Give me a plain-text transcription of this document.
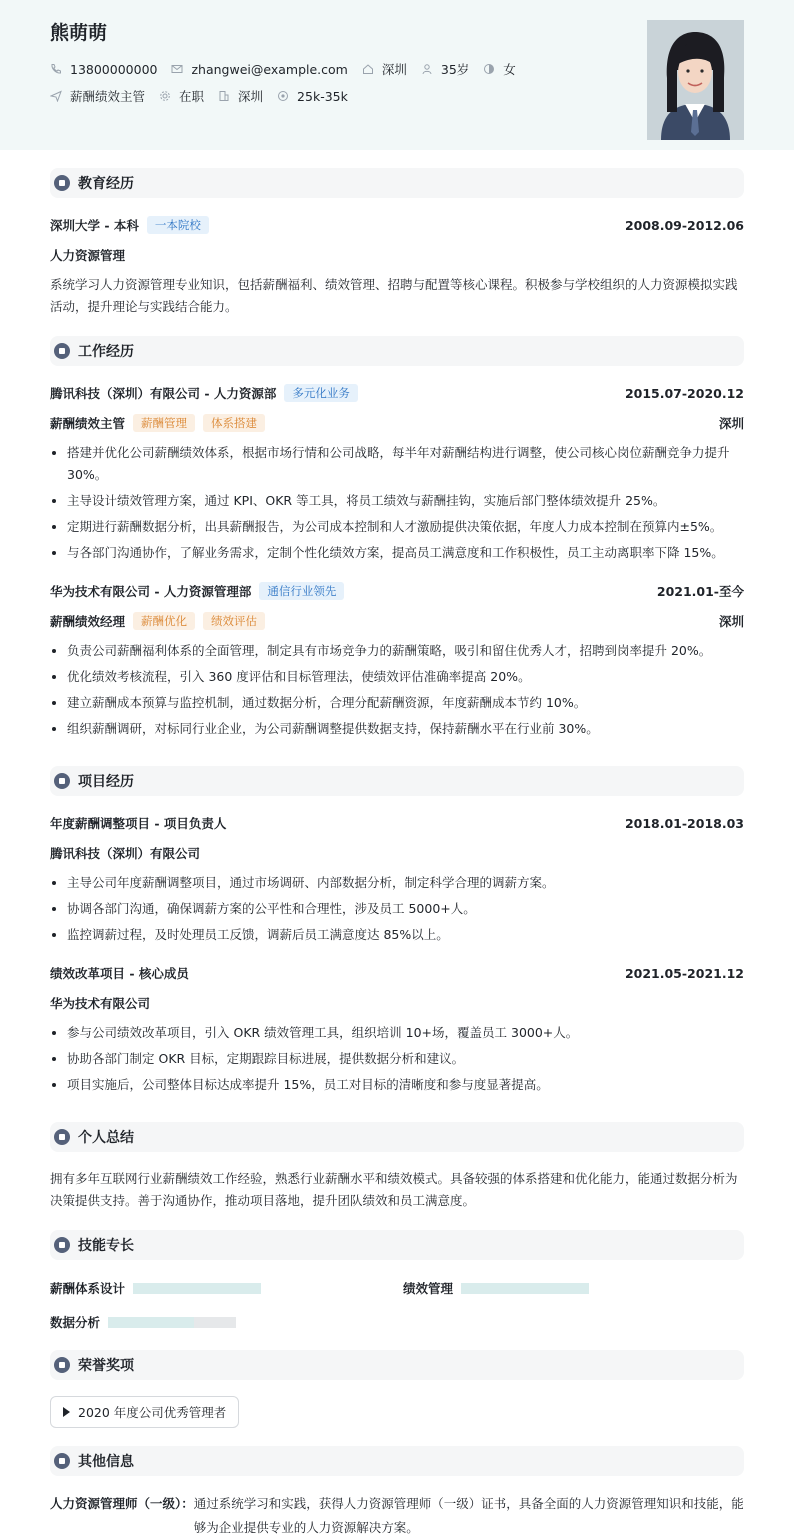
熊萌萌
13800000000	zhangwei@example.com	深圳	35岁	女
薪酬绩效主管	在职	深圳	25k-35k
教育经历
深圳大学 - 本科	一本院校	2008.09-2012.06
人力资源管理
系统学习人力资源管理专业知识，包括薪酬福利、绩效管理、招聘与配置等核心课程。积极参与学校组织的人力资源模拟实践活动，提升理论与实践结合能力。
工作经历
腾讯科技（深圳）有限公司 - 人力资源部	多元化业务	2015.07-2020.12
薪酬绩效主管	薪酬管理	体系搭建	深圳
搭建并优化公司薪酬绩效体系，根据市场行情和公司战略，每半年对薪酬结构进行调整，使公司核心岗位薪酬竞争力提升30%。
主导设计绩效管理方案，通过 KPI、OKR 等工具，将员工绩效与薪酬挂钩，实施后部门整体绩效提升 25%。
定期进行薪酬数据分析，出具薪酬报告，为公司成本控制和人才激励提供决策依据，年度人力成本控制在预算内±5%。
与各部门沟通协作，了解业务需求，定制个性化绩效方案，提高员工满意度和工作积极性，员工主动离职率下降 15%。
华为技术有限公司 - 人力资源管理部	通信行业领先	2021.01-至今
薪酬绩效经理	薪酬优化	绩效评估	深圳
负责公司薪酬福利体系的全面管理，制定具有市场竞争力的薪酬策略，吸引和留住优秀人才，招聘到岗率提升 20%。
优化绩效考核流程，引入 360 度评估和目标管理法，使绩效评估准确率提高 20%。
建立薪酬成本预算与监控机制，通过数据分析，合理分配薪酬资源，年度薪酬成本节约 10%。
组织薪酬调研，对标同行业企业，为公司薪酬调整提供数据支持，保持薪酬水平在行业前 30%。
项目经历
年度薪酬调整项目 - 项目负责人	2018.01-2018.03
腾讯科技（深圳）有限公司
主导公司年度薪酬调整项目，通过市场调研、内部数据分析，制定科学合理的调薪方案。
协调各部门沟通，确保调薪方案的公平性和合理性，涉及员工 5000+人。
监控调薪过程，及时处理员工反馈，调薪后员工满意度达 85%以上。
绩效改革项目 - 核心成员	2021.05-2021.12
华为技术有限公司
参与公司绩效改革项目，引入 OKR 绩效管理工具，组织培训 10+场，覆盖员工 3000+人。
协助各部门制定 OKR 目标，定期跟踪目标进展，提供数据分析和建议。
项目实施后，公司整体目标达成率提升 15%，员工对目标的清晰度和参与度显著提高。
个人总结
拥有多年互联网行业薪酬绩效工作经验，熟悉行业薪酬水平和绩效模式。具备较强的体系搭建和优化能力，能通过数据分析为决策提供支持。善于沟通协作，推动项目落地，提升团队绩效和员工满意度。
技能专长
薪酬体系设计	绩效管理
数据分析
荣誉奖项
2020 年度公司优秀管理者
其他信息
人力资源管理师（一级）： 通过系统学习和实践，获得人力资源管理师（一级）证书，具备全面的人力资源管理知识和技能，能够为企业提供专业的人力资源解决方案。
